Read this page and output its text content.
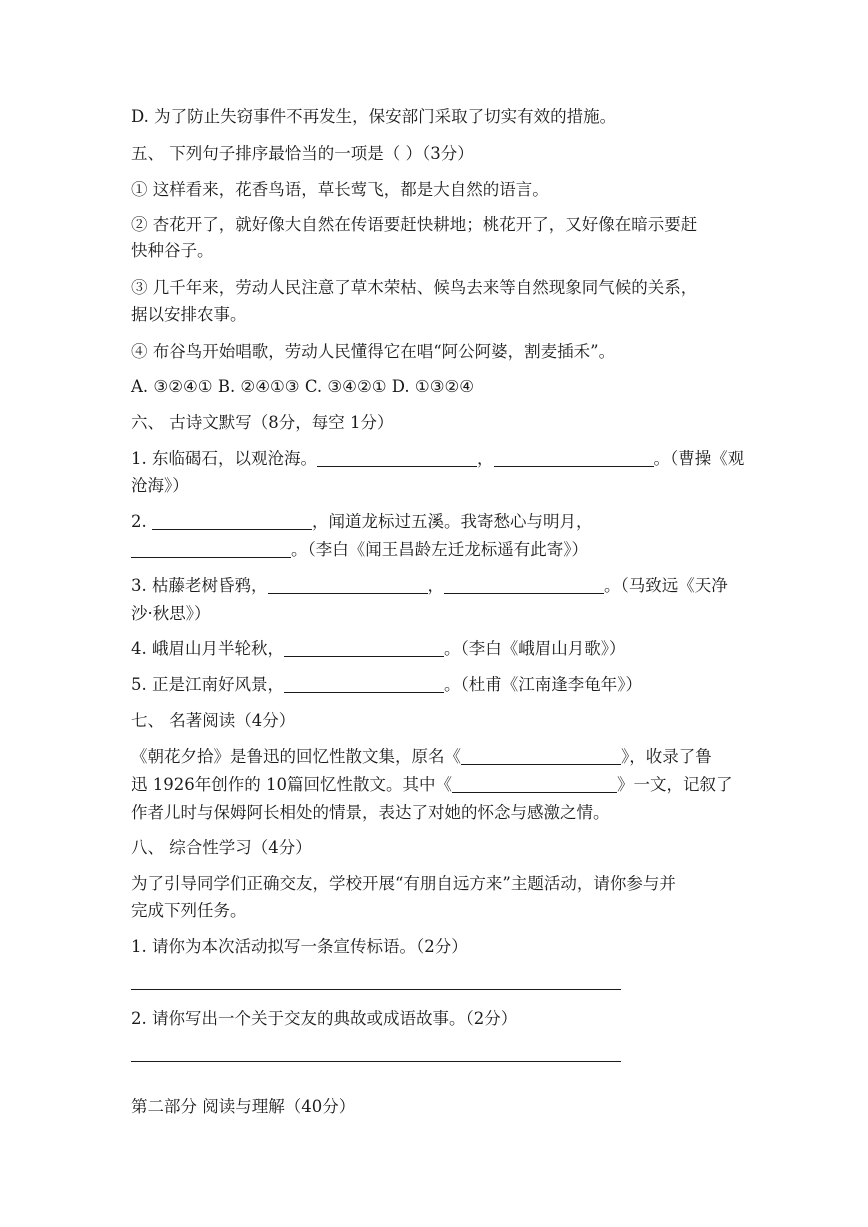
D. 为了防止失窃事件不再发生，保安部门采取了切实有效的措施。
五、 下列句子排序最恰当的一项是（ ）（3分）
① 这样看来，花香鸟语，草长莺飞，都是大自然的语言。
② 杏花开了，就好像大自然在传语要赶快耕地；桃花开了，又好像在暗示要赶
快种谷子。
③ 几千年来，劳动人民注意了草木荣枯、候鸟去来等自然现象同气候的关系，
据以安排农事。
④ 布谷鸟开始唱歌，劳动人民懂得它在唱“阿公阿婆，割麦插禾”。
A. ③②④① B. ②④①③ C. ③④②① D. ①③②④
六、 古诗文默写（8分，每空 1分）
1. 东临碣石，以观沧海。	，	。（曹操《观
沧海》）
2.	，闻道龙标过五溪。我寄愁心与明月，
。（李白《闻王昌龄左迁龙标遥有此寄》）
3. 枯藤老树昏鸦，	，	。（马致远《天净
沙·秋思》）
4. 峨眉山月半轮秋，	。（李白《峨眉山月歌》）
5. 正是江南好风景，	。（杜甫《江南逢李龟年》）
七、 名著阅读（4分）
《朝花夕拾》是鲁迅的回忆性散文集，原名《	》，收录了鲁
迅 1926年创作的 10篇回忆性散文。其中《	》一文，记叙了
作者儿时与保姆阿长相处的情景，表达了对她的怀念与感激之情。
八、 综合性学习（4分）
为了引导同学们正确交友，学校开展“有朋自远方来”主题活动，请你参与并
完成下列任务。
1. 请你为本次活动拟写一条宣传标语。（2分）
2. 请你写出一个关于交友的典故或成语故事。（2分）
第二部分 阅读与理解（40分）
